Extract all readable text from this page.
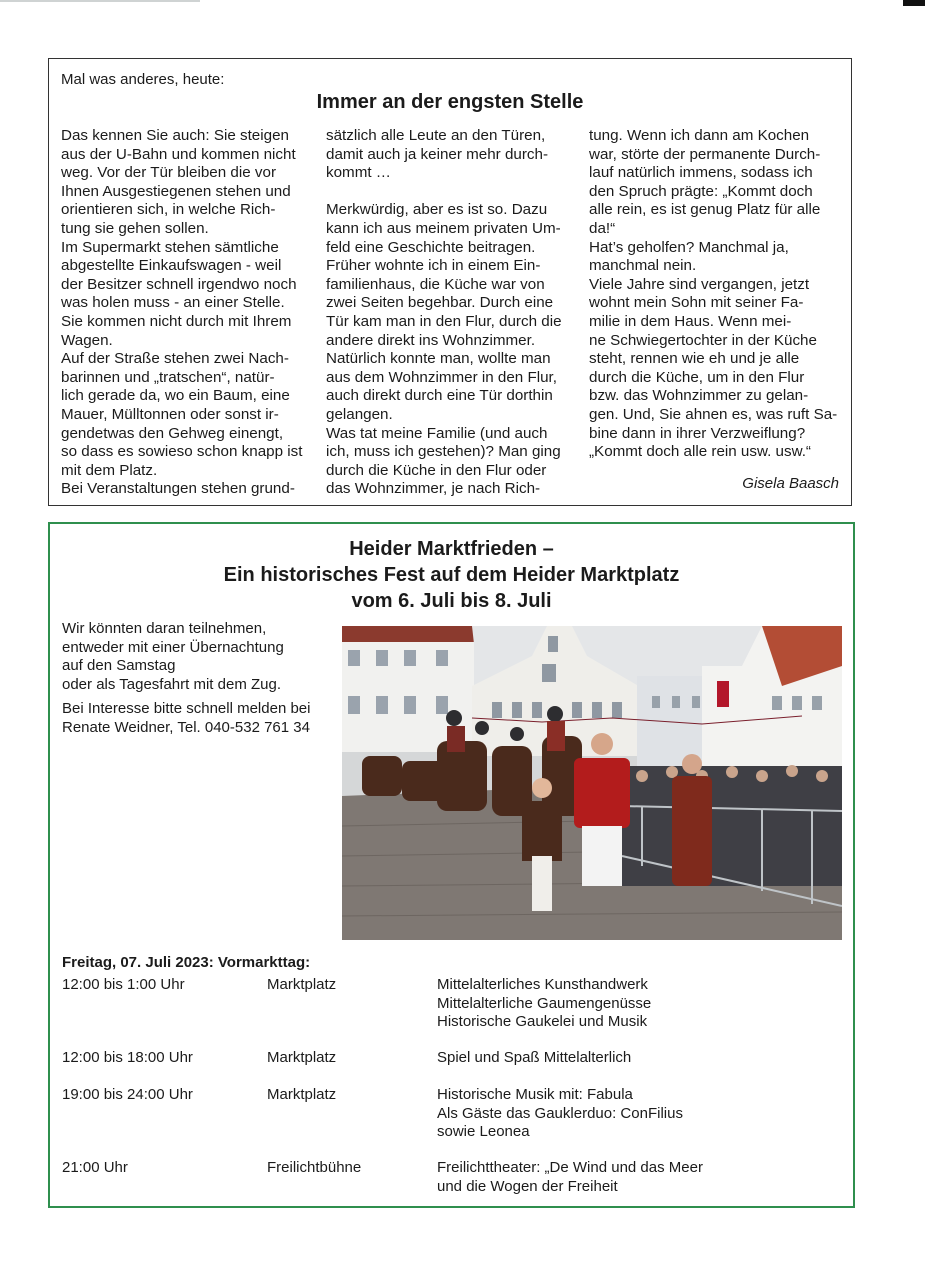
Mal was anderes, heute:
Immer an der engsten Stelle
Das kennen Sie auch: Sie steigen
aus der U-Bahn und kommen nicht
weg. Vor der Tür bleiben die vor
Ihnen Ausgestiegenen stehen und
orientieren sich, in welche Rich-
tung sie gehen sollen.
Im Supermarkt stehen sämtliche
abgestellte Einkaufswagen - weil
der Besitzer schnell irgendwo noch
was holen muss - an einer Stelle.
Sie kommen nicht durch mit Ihrem
Wagen.
Auf der Straße stehen zwei Nach-
barinnen und „tratschen“, natür-
lich gerade da, wo ein Baum, eine
Mauer, Mülltonnen oder sonst ir-
gendetwas den Gehweg einengt,
so dass es sowieso schon knapp ist
mit dem Platz.
Bei Veranstaltungen stehen grund-
sätzlich alle Leute an den Türen,
damit auch ja keiner mehr durch-
kommt …

Merkwürdig, aber es ist so. Dazu
kann ich aus meinem privaten Um-
feld eine Geschichte beitragen.
Früher wohnte ich in einem Ein-
familienhaus, die Küche war von
zwei Seiten begehbar. Durch eine
Tür kam man in den Flur, durch die
andere direkt ins Wohnzimmer.
Natürlich konnte man, wollte man
aus dem Wohnzimmer in den Flur,
auch direkt durch eine Tür dorthin
gelangen.
Was tat meine Familie (und auch
ich, muss ich gestehen)? Man ging
durch die Küche in den Flur oder
das Wohnzimmer, je nach Rich-
tung. Wenn ich dann am Kochen
war, störte der permanente Durch-
lauf natürlich immens, sodass ich
den Spruch prägte: „Kommt doch
alle rein, es ist genug Platz für alle
da!“
Hat’s geholfen? Manchmal ja,
manchmal nein.
Viele Jahre sind vergangen, jetzt
wohnt mein Sohn mit seiner Fa-
milie in dem Haus. Wenn mei-
ne Schwiegertochter in der Küche
steht, rennen wie eh und je alle
durch die Küche, um in den Flur
bzw. das Wohnzimmer zu gelan-
gen. Und, Sie ahnen es, was ruft Sa-
bine dann in ihrer Verzweiflung?
„Kommt doch alle rein usw. usw.“
Gisela Baasch
Heider Marktfrieden –
Ein historisches Fest auf dem Heider Marktplatz
vom 6. Juli bis 8. Juli

Wir könnten daran teilnehmen,
entweder mit einer Übernachtung
auf den Samstag
oder als Tagesfahrt mit dem Zug.

Bei Interesse bitte schnell melden bei
Renate Weidner, Tel. 040-532 761 34

Freitag, 07. Juli 2023: Vormarkttag:
12:00 bis 1:00 Uhr	Marktplatz	Mittelalterliches Kunsthandwerk
Mittelalterliche Gaumengenüsse
Historische Gaukelei und Musik
12:00 bis 18:00 Uhr	Marktplatz	Spiel und Spaß Mittelalterlich
19:00 bis 24:00 Uhr	Marktplatz	Historische Musik mit: Fabula
Als Gäste das Gauklerduo: ConFilius
sowie Leonea
21:00 Uhr	Freilichtbühne	Freilichttheater: „De Wind und das Meer
und die Wogen der Freiheit
